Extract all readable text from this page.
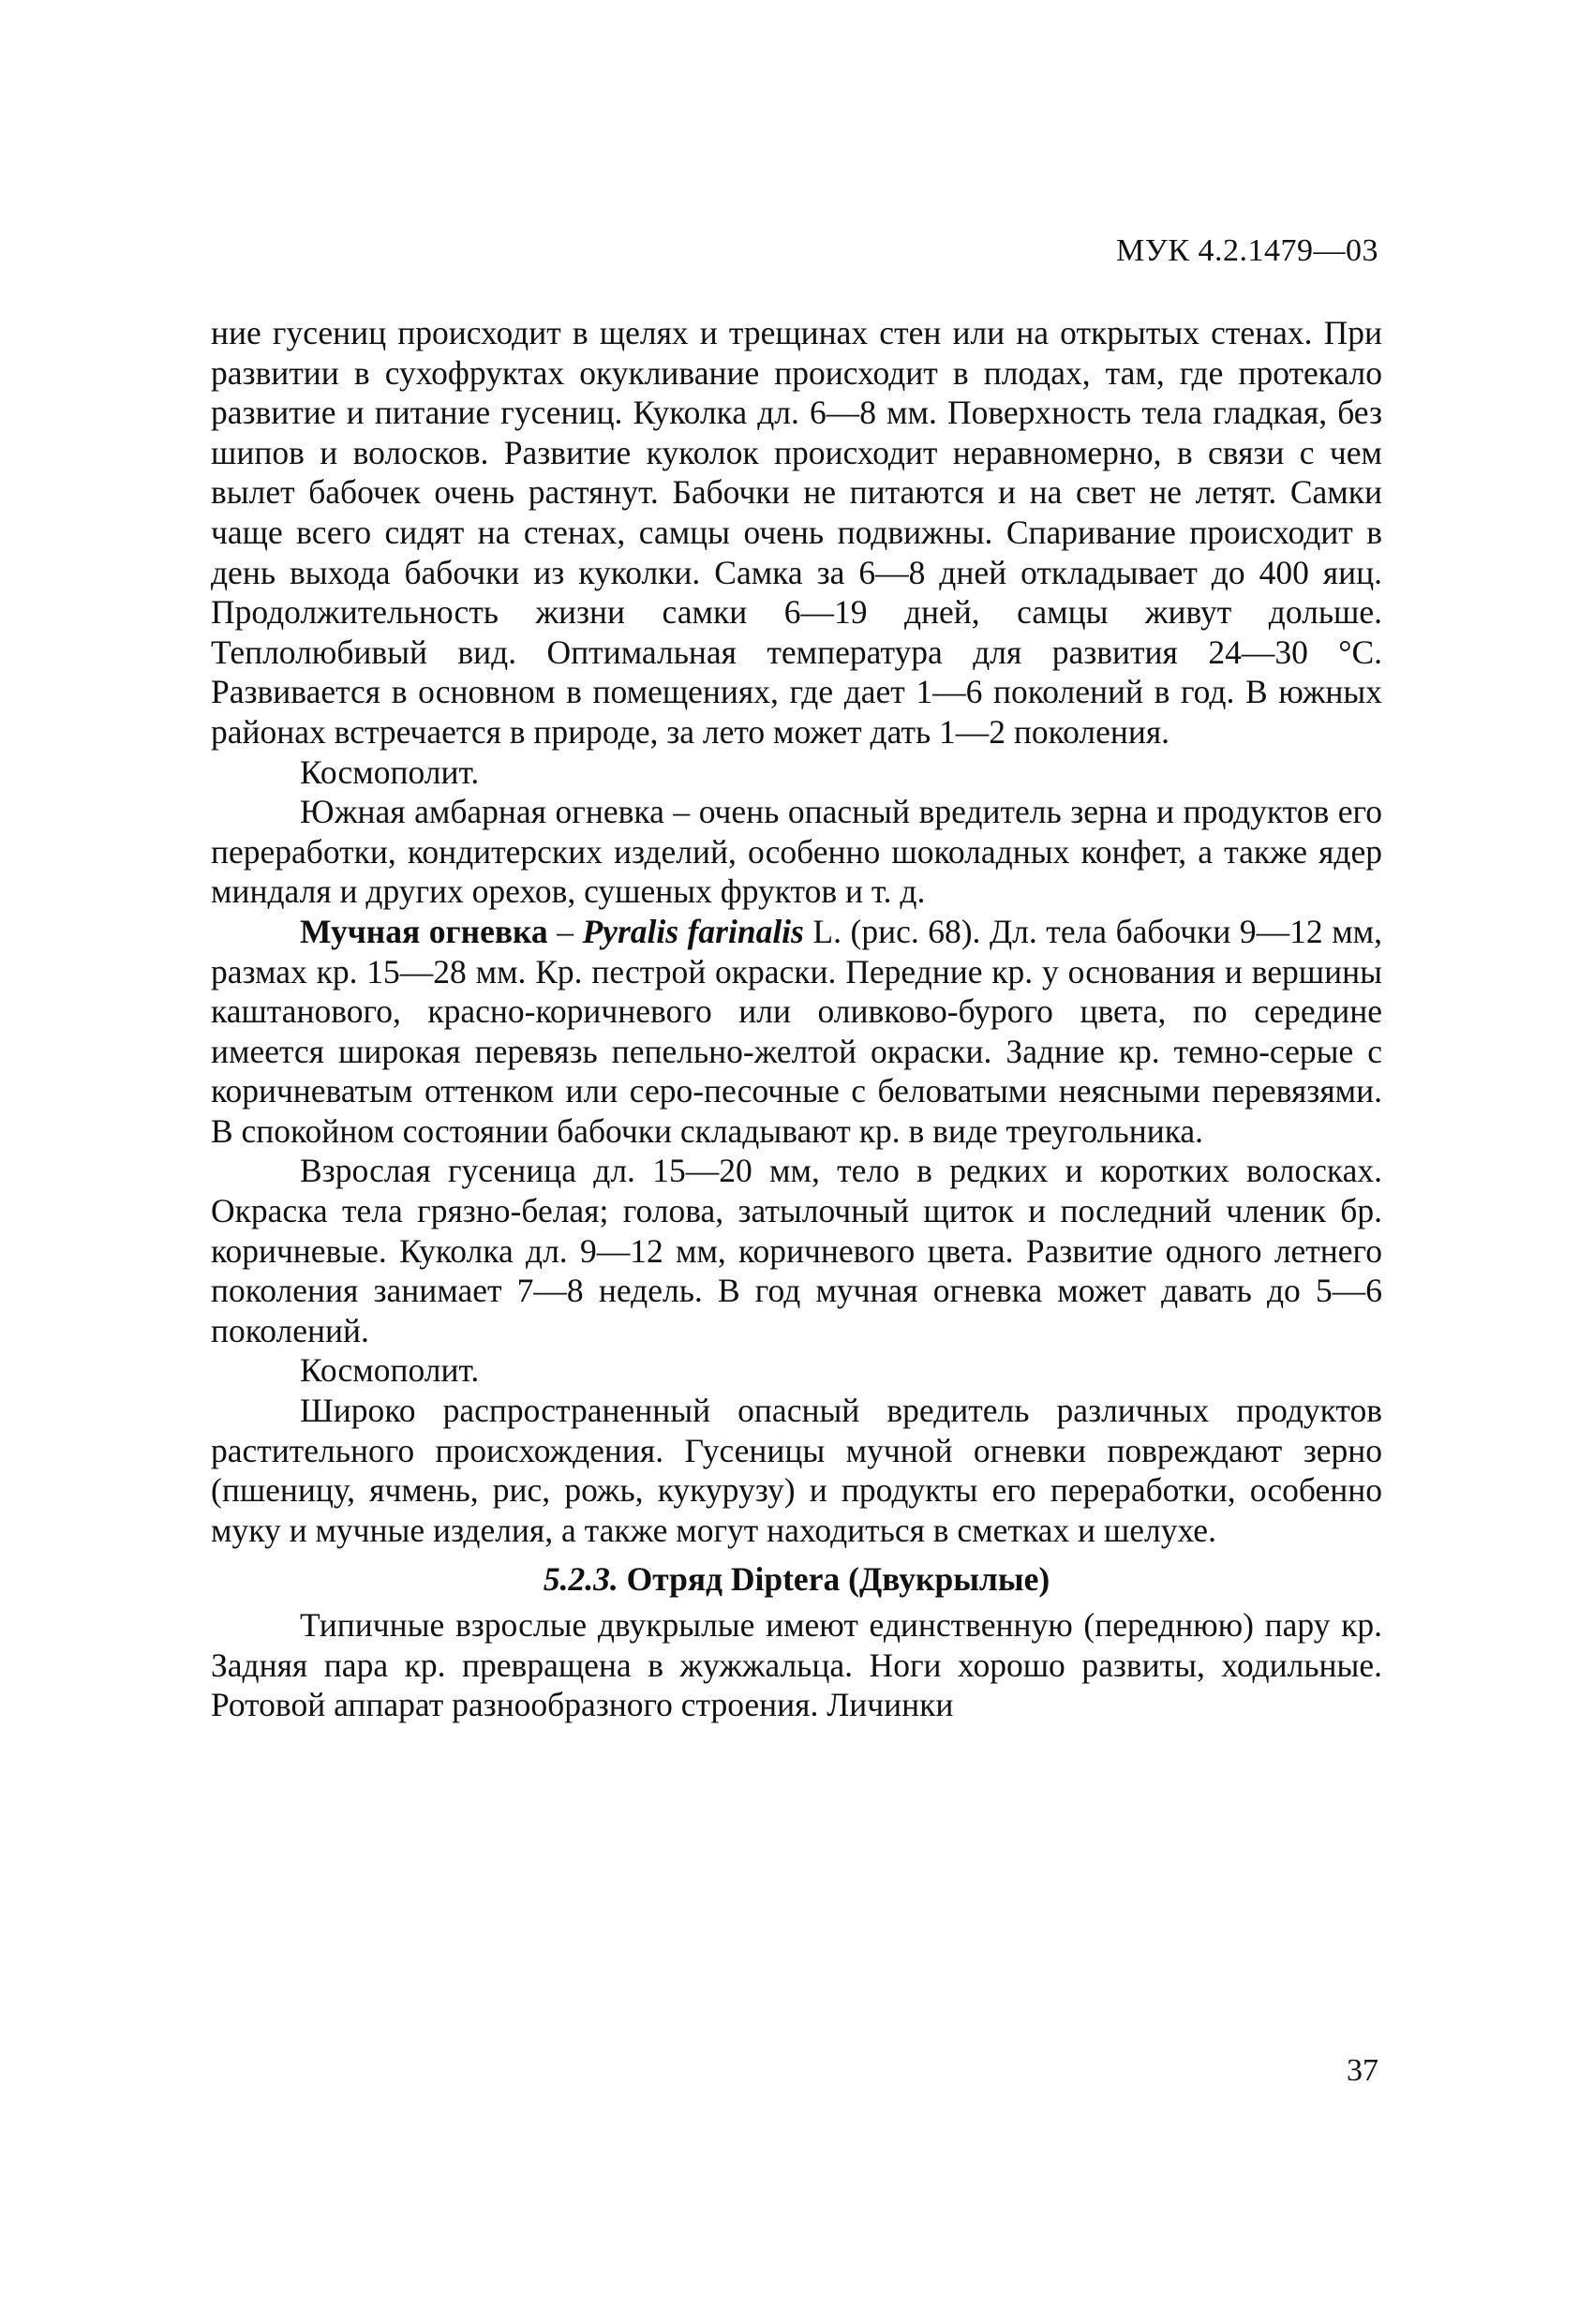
МУК 4.2.1479—03

ние гусениц происходит в щелях и трещинах стен или на открытых стенах. При развитии в сухофруктах окукливание происходит в плодах, там, где протекало развитие и питание гусениц. Куколка дл. 6—8 мм. Поверхность тела гладкая, без шипов и волосков. Развитие куколок происходит неравномерно, в связи с чем вылет бабочек очень растянут. Бабочки не питаются и на свет не летят. Самки чаще всего сидят на стенах, самцы очень подвижны. Спаривание происходит в день выхода бабочки из куколки. Самка за 6—8 дней откладывает до 400 яиц. Продолжительность жизни самки 6—19 дней, самцы живут дольше. Теплолюбивый вид. Оптимальная температура для развития 24—30 °С. Развивается в основном в помещениях, где дает 1—6 поколений в год. В южных районах встречается в природе, за лето может дать 1—2 поколения.

Космополит.

Южная амбарная огневка – очень опасный вредитель зерна и продуктов его переработки, кондитерских изделий, особенно шоколадных конфет, а также ядер миндаля и других орехов, сушеных фруктов и т. д.

Мучная огневка – Pyralis farinalis L. (рис. 68). Дл. тела бабочки 9—12 мм, размах кр. 15—28 мм. Кр. пестрой окраски. Передние кр. у основания и вершины каштанового, красно-коричневого или оливково-бурого цвета, по середине имеется широкая перевязь пепельно-желтой окраски. Задние кр. темно-серые с коричневатым оттенком или серо-песочные с беловатыми неясными перевязями. В спокойном состоянии бабочки складывают кр. в виде треугольника.

Взрослая гусеница дл. 15—20 мм, тело в редких и коротких волосках. Окраска тела грязно-белая; голова, затылочный щиток и последний членик бр. коричневые. Куколка дл. 9—12 мм, коричневого цвета. Развитие одного летнего поколения занимает 7—8 недель. В год мучная огневка может давать до 5—6 поколений.

Космополит.

Широко распространенный опасный вредитель различных продуктов растительного происхождения. Гусеницы мучной огневки повреждают зерно (пшеницу, ячмень, рис, рожь, кукурузу) и продукты его переработки, особенно муку и мучные изделия, а также могут находиться в сметках и шелухе.

5.2.3. Отряд Diptera (Двукрылые)

Типичные взрослые двукрылые имеют единственную (переднюю) пару кр. Задняя пара кр. превращена в жужжальца. Ноги хорошо развиты, ходильные. Ротовой аппарат разнообразного строения. Личинки

37
